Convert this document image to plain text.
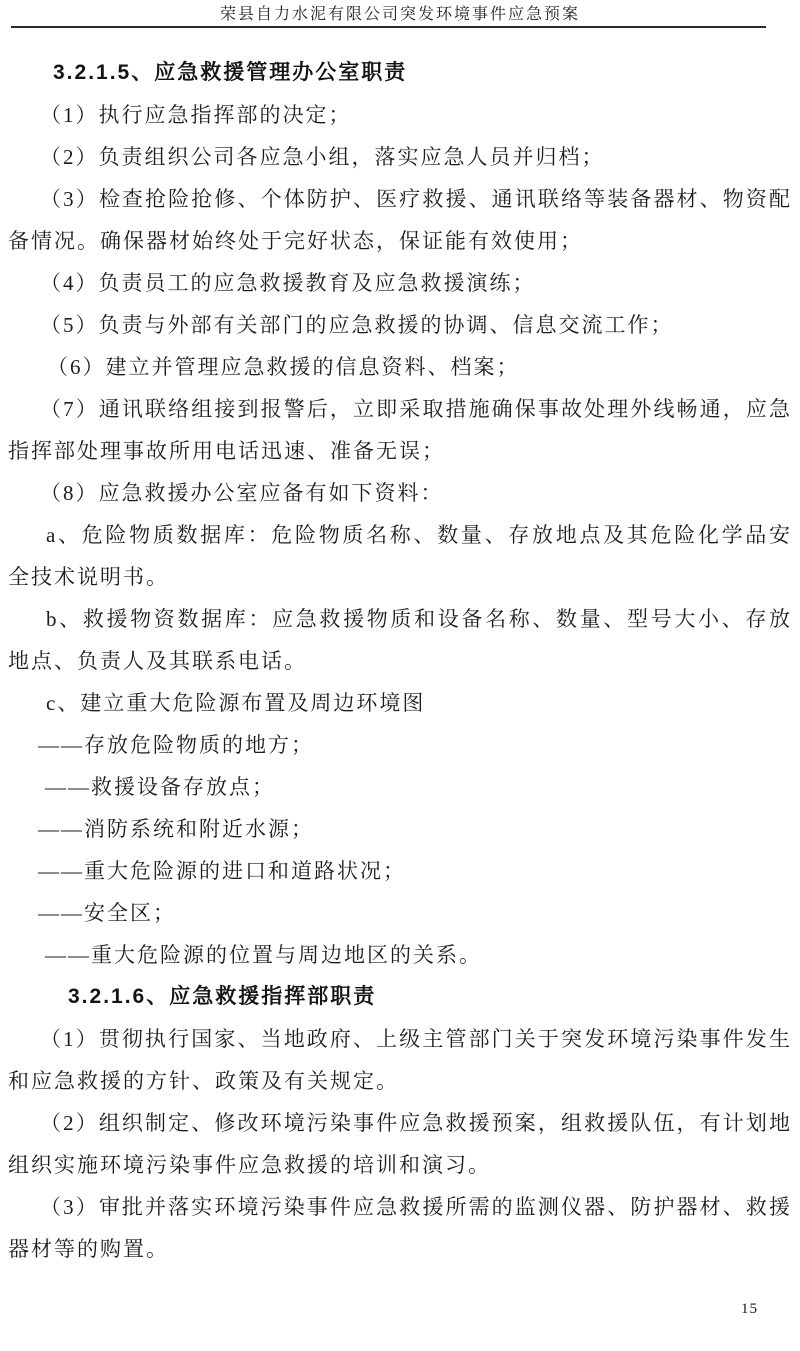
荣县自力水泥有限公司突发环境事件应急预案
3.2.1.5、应急救援管理办公室职责

（1）执行应急指挥部的决定；

（2）负责组织公司各应急小组，落实应急人员并归档；

（3）检查抢险抢修、个体防护、医疗救援、通讯联络等装备器材、物资配备情况。确保器材始终处于完好状态，保证能有效使用；

（4）负责员工的应急救援教育及应急救援演练；

（5）负责与外部有关部门的应急救援的协调、信息交流工作；

（6）建立并管理应急救援的信息资料、档案；

（7）通讯联络组接到报警后，立即采取措施确保事故处理外线畅通，应急指挥部处理事故所用电话迅速、准备无误；

（8）应急救援办公室应备有如下资料：

a、危险物质数据库：危险物质名称、数量、存放地点及其危险化学品安全技术说明书。

b、救援物资数据库：应急救援物质和设备名称、数量、型号大小、存放地点、负责人及其联系电话。

c、建立重大危险源布置及周边环境图

——存放危险物质的地方；

——救援设备存放点；

——消防系统和附近水源；

——重大危险源的进口和道路状况；

——安全区；

——重大危险源的位置与周边地区的关系。

3.2.1.6、应急救援指挥部职责

（1）贯彻执行国家、当地政府、上级主管部门关于突发环境污染事件发生和应急救援的方针、政策及有关规定。

（2）组织制定、修改环境污染事件应急救援预案，组救援队伍，有计划地组织实施环境污染事件应急救援的培训和演习。

（3）审批并落实环境污染事件应急救援所需的监测仪器、防护器材、救援器材等的购置。

15
